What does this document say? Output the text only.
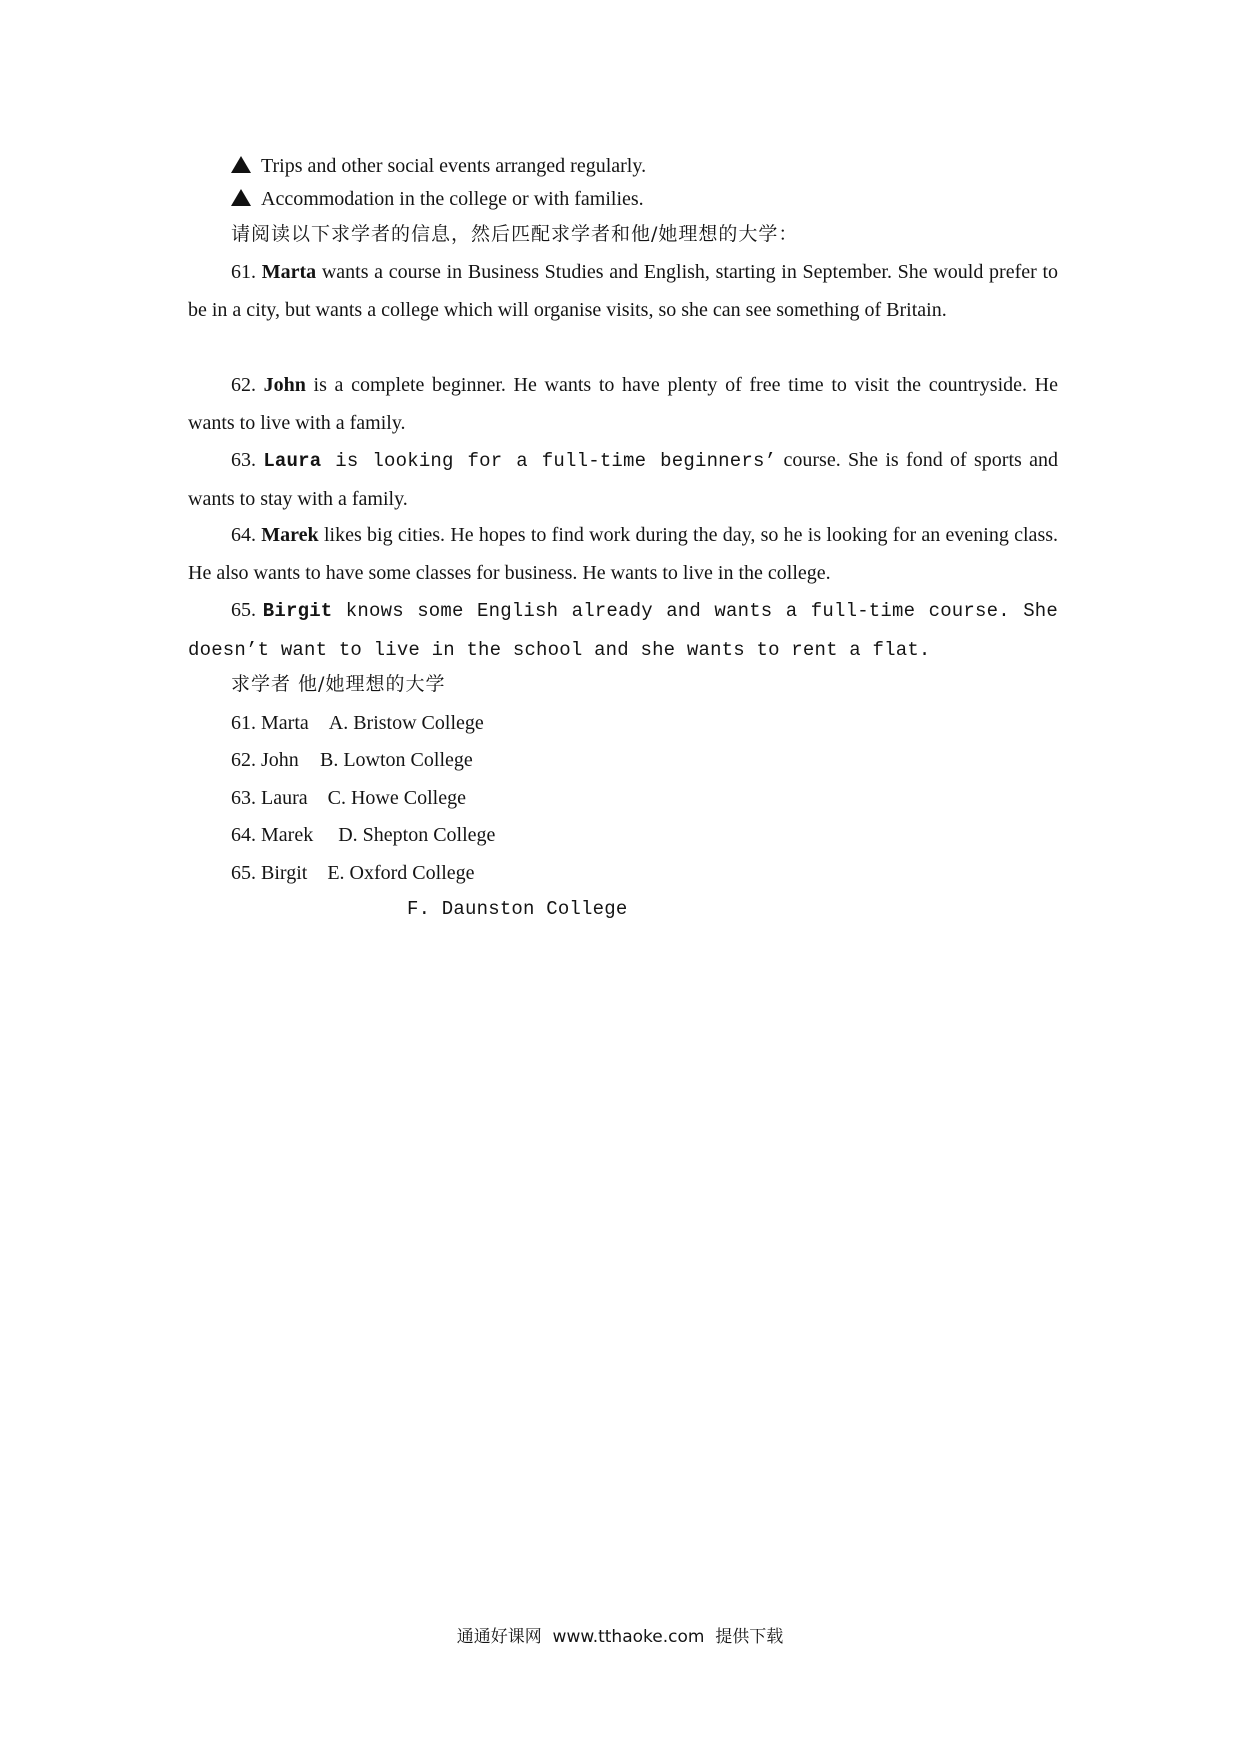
Trips and other social events arranged regularly.
Accommodation in the college or with families.
请阅读以下求学者的信息，然后匹配求学者和他/她理想的大学：

61. Marta wants a course in Business Studies and English, starting in September. She would prefer to be in a city, but wants a college which will organise visits, so she can see something of Britain.

62. John is a complete beginner. He wants to have plenty of free time to visit the countryside. He wants to live with a family.

63. Laura is looking for a full-time beginners’ course. She is fond of sports and wants to stay with a family.

64. Marek likes big cities. He hopes to find work during the day, so he is looking for an evening class. He also wants to have some classes for business. He wants to live in the college.

65. Birgit knows some English already and wants a full-time course. She doesn’t want to live in the school and she wants to rent a flat.

求学者 他/她理想的大学
61. Marta A. Bristow College
62. John B. Lowton College
63. Laura C. Howe College
64. Marek D. Shepton College
65. Birgit E. Oxford College
F. Daunston College
通通好课网  www.tthaoke.com  提供下载
